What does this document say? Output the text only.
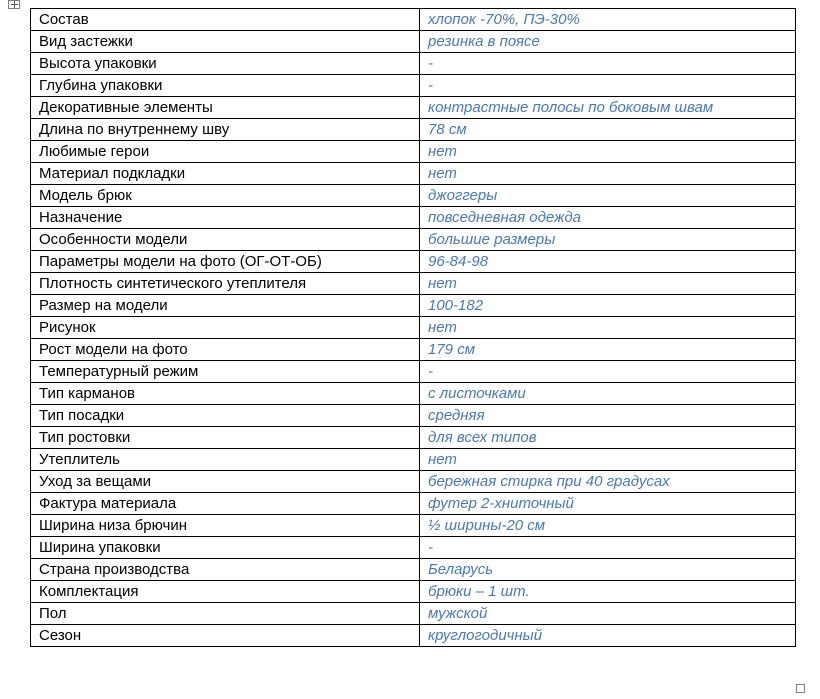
Состав	хлопок -70%, ПЭ-30%
Вид застежки	резинка в поясе
Высота упаковки	-
Глубина упаковки	-
Декоративные элементы	контрастные полосы по боковым швам
Длина по внутреннему шву	78 см
Любимые герои	нет
Материал подкладки	нет
Модель брюк	джоггеры
Назначение	повседневная одежда
Особенности модели	большие размеры
Параметры модели на фото (ОГ-ОТ-ОБ)	96-84-98
Плотность синтетического утеплителя	нет
Размер на модели	100-182
Рисунок	нет
Рост модели на фото	179 см
Температурный режим	-
Тип карманов	с листочками
Тип посадки	средняя
Тип ростовки	для всех типов
Утеплитель	нет
Уход за вещами	бережная стирка при 40 градусах
Фактура материала	футер 2-хниточный
Ширина низа брючин	½ ширины-20 см
Ширина упаковки	-
Страна производства	Беларусь
Комплектация	брюки – 1 шт.
Пол	мужской
Сезон	круглогодичный
